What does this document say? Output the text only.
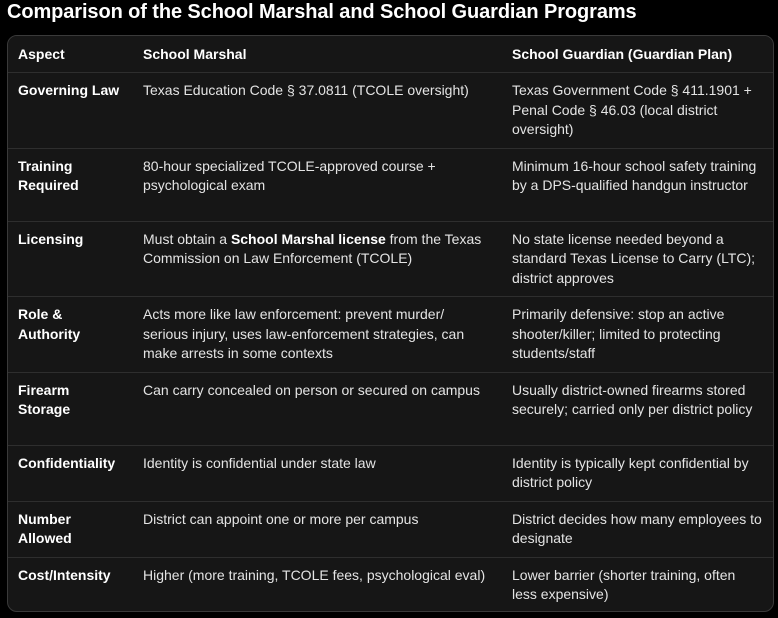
Comparison of the School Marshal and School Guardian Programs
Aspect	School Marshal	School Guardian (Guardian Plan)
Governing Law	Texas Education Code § 37.0811 (TCOLE oversight)	Texas Government Code § 411.1901 + Penal Code § 46.03 (local district oversight)
Training Required	80-hour specialized TCOLE-approved course + psychological exam	Minimum 16-hour school safety training by a DPS-qualified handgun instructor
Licensing	Must obtain a School Marshal license from the Texas Commission on Law Enforcement (TCOLE)	No state license needed beyond a standard Texas License to Carry (LTC); district approves
Role & Authority	Acts more like law enforcement: prevent murder/ serious injury, uses law-enforcement strategies, can make arrests in some contexts	Primarily defensive: stop an active shooter/killer; limited to protecting students/staff
Firearm Storage	Can carry concealed on person or secured on campus	Usually district-owned firearms stored securely; carried only per district policy
Confidentiality	Identity is confidential under state law	Identity is typically kept confidential by district policy
Number Allowed	District can appoint one or more per campus	District decides how many employees to designate
Cost/Intensity	Higher (more training, TCOLE fees, psychological eval)	Lower barrier (shorter training, often less expensive)
